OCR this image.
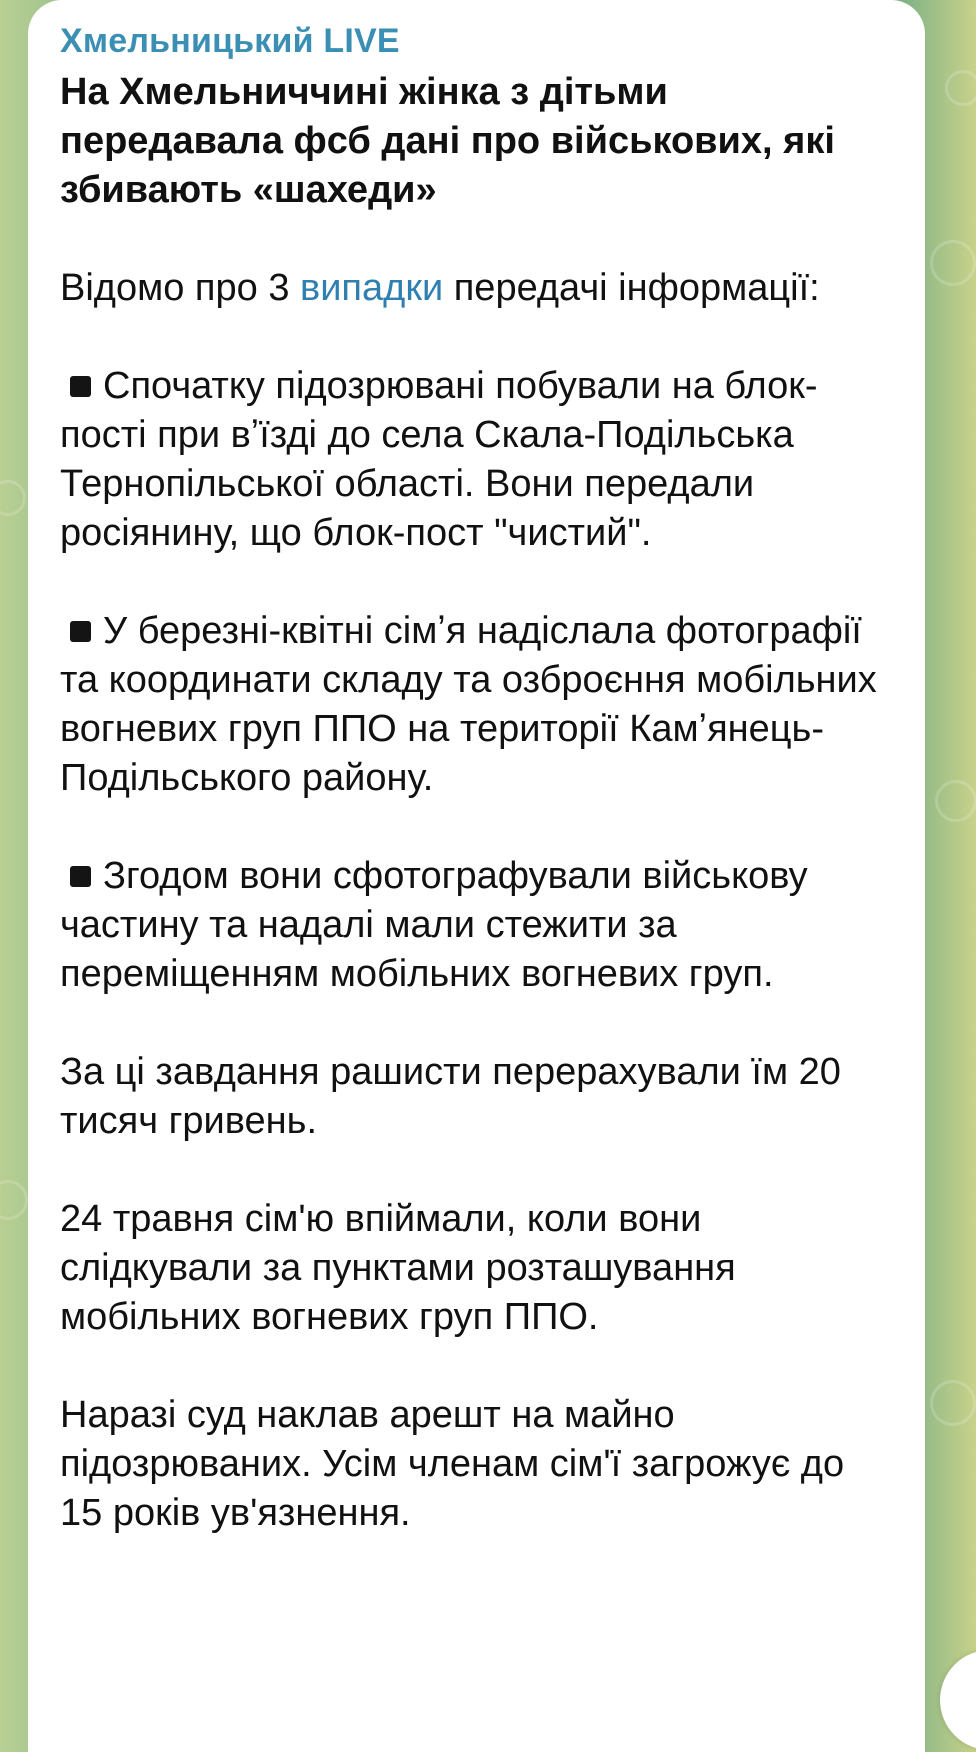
Хмельницький LIVE
На Хмельниччині жінка з дітьми передавала фсб дані про військових, які збивають «шахеди»
Відомо про 3 випадки передачі інформації:
Спочатку підозрювані побували на блок-пості при вʼїзді до села Скала-Подільська Тернопільської області. Вони передали росіянину, що блок-пост "чистий".
У березні-квітні сімʼя надіслала фотографії та координати складу та озброєння мобільних вогневих груп ППО на території Камʼянець-Подільського району.
Згодом вони сфотографували військову частину та надалі мали стежити за переміщенням мобільних вогневих груп.
За ці завдання рашисти перерахували їм 20 тисяч гривень.
24 травня сім'ю впіймали, коли вони слідкували за пунктами розташування мобільних вогневих груп ППО.
Наразі суд наклав арешт на майно підозрюваних. Усім членам сім'ї загрожує до 15 років ув'язнення.
